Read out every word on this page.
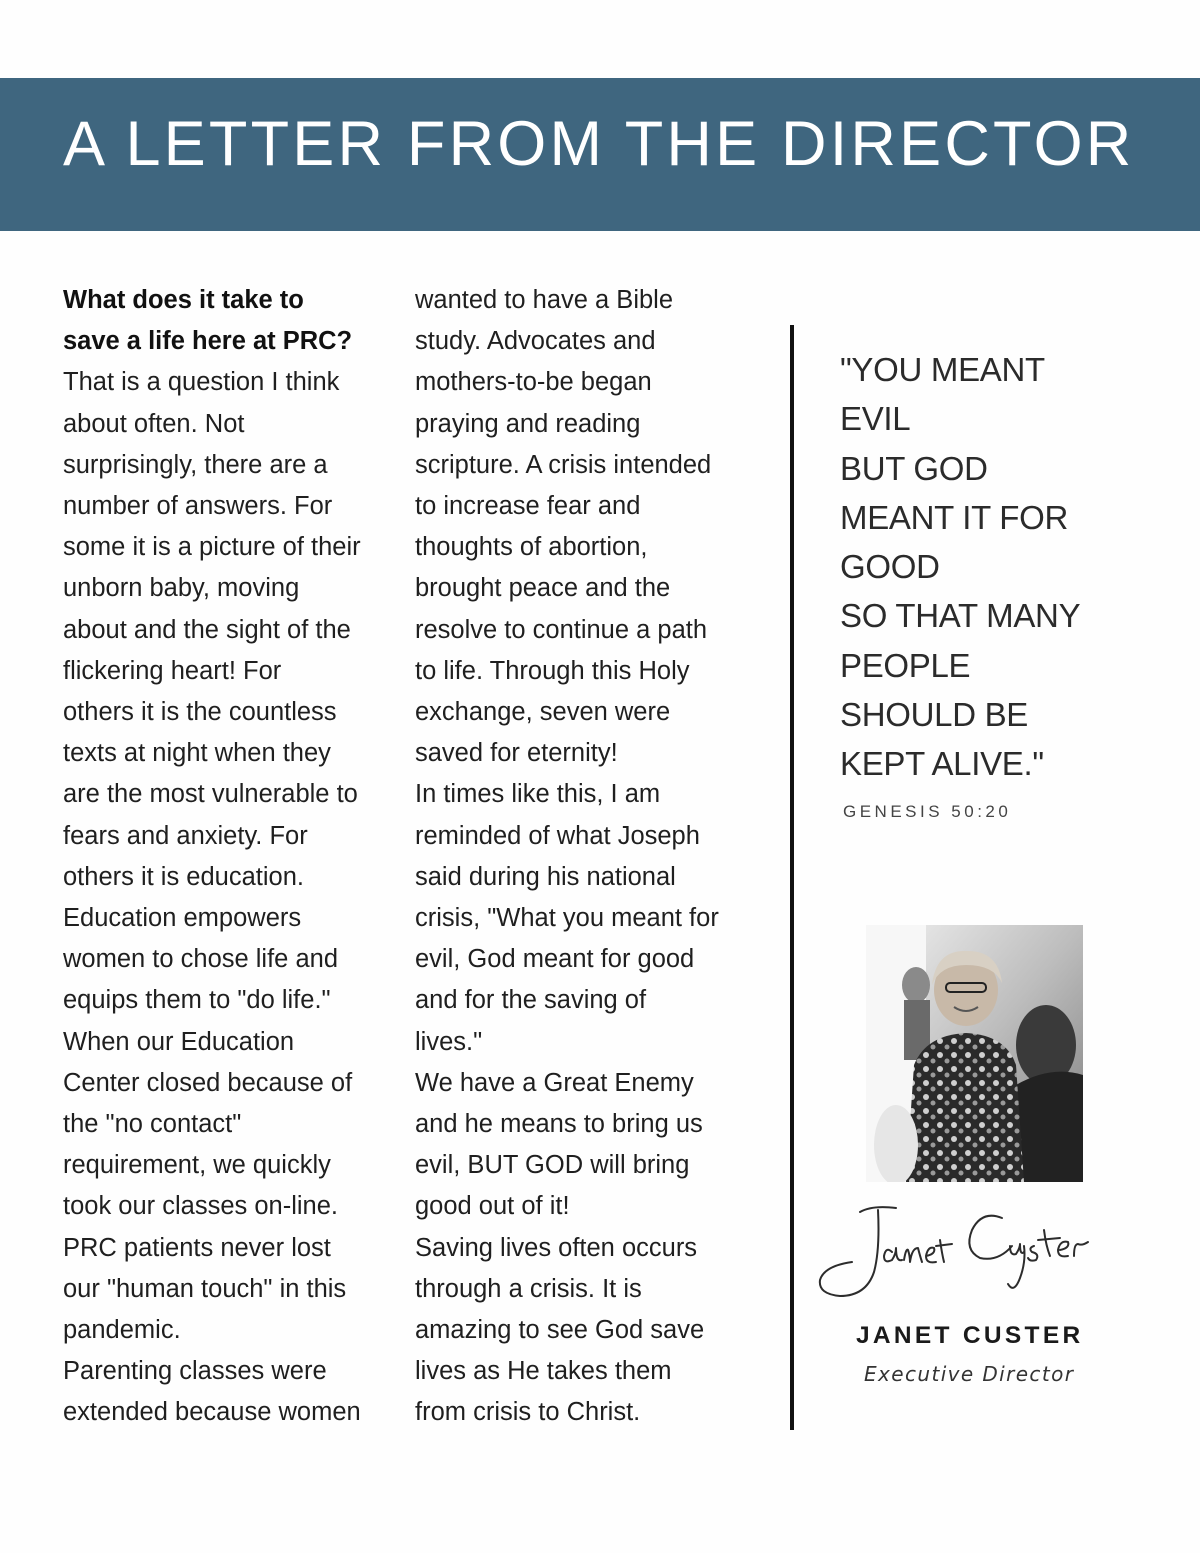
A LETTER FROM THE DIRECTOR
What does it take to
save a life here at PRC?
That is a question I think
about often. Not
surprisingly, there are a
number of answers. For
some it is a picture of their
unborn baby, moving
about and the sight of the
flickering heart! For
others it is the countless
texts at night when they
are the most vulnerable to
fears and anxiety. For
others it is education.
Education empowers
women to chose life and
equips them to "do life."
When our Education
Center closed because of
the "no contact"
requirement, we quickly
took our classes on-line.
PRC patients never lost
our "human touch" in this
pandemic.
Parenting classes were
extended because women
wanted to have a Bible
study. Advocates and
mothers-to-be began
praying and reading
scripture. A crisis intended
to increase fear and
thoughts of abortion,
brought peace and the
resolve to continue a path
to life. Through this Holy
exchange, seven were
saved for eternity!
In times like this, I am
reminded of what Joseph
said during his national
crisis, "What you meant for
evil, God meant for good
and for the saving of
lives."
We have a Great Enemy
and he means to bring us
evil, BUT GOD will bring
good out of it!
Saving lives often occurs
through a crisis. It is
amazing to see God save
lives as He takes them
from crisis to Christ.
"YOU MEANT
EVIL
BUT GOD
MEANT IT FOR
GOOD
SO THAT MANY
PEOPLE
SHOULD BE
KEPT ALIVE."
GENESIS 50:20
JANET CUSTER
Executive Director
